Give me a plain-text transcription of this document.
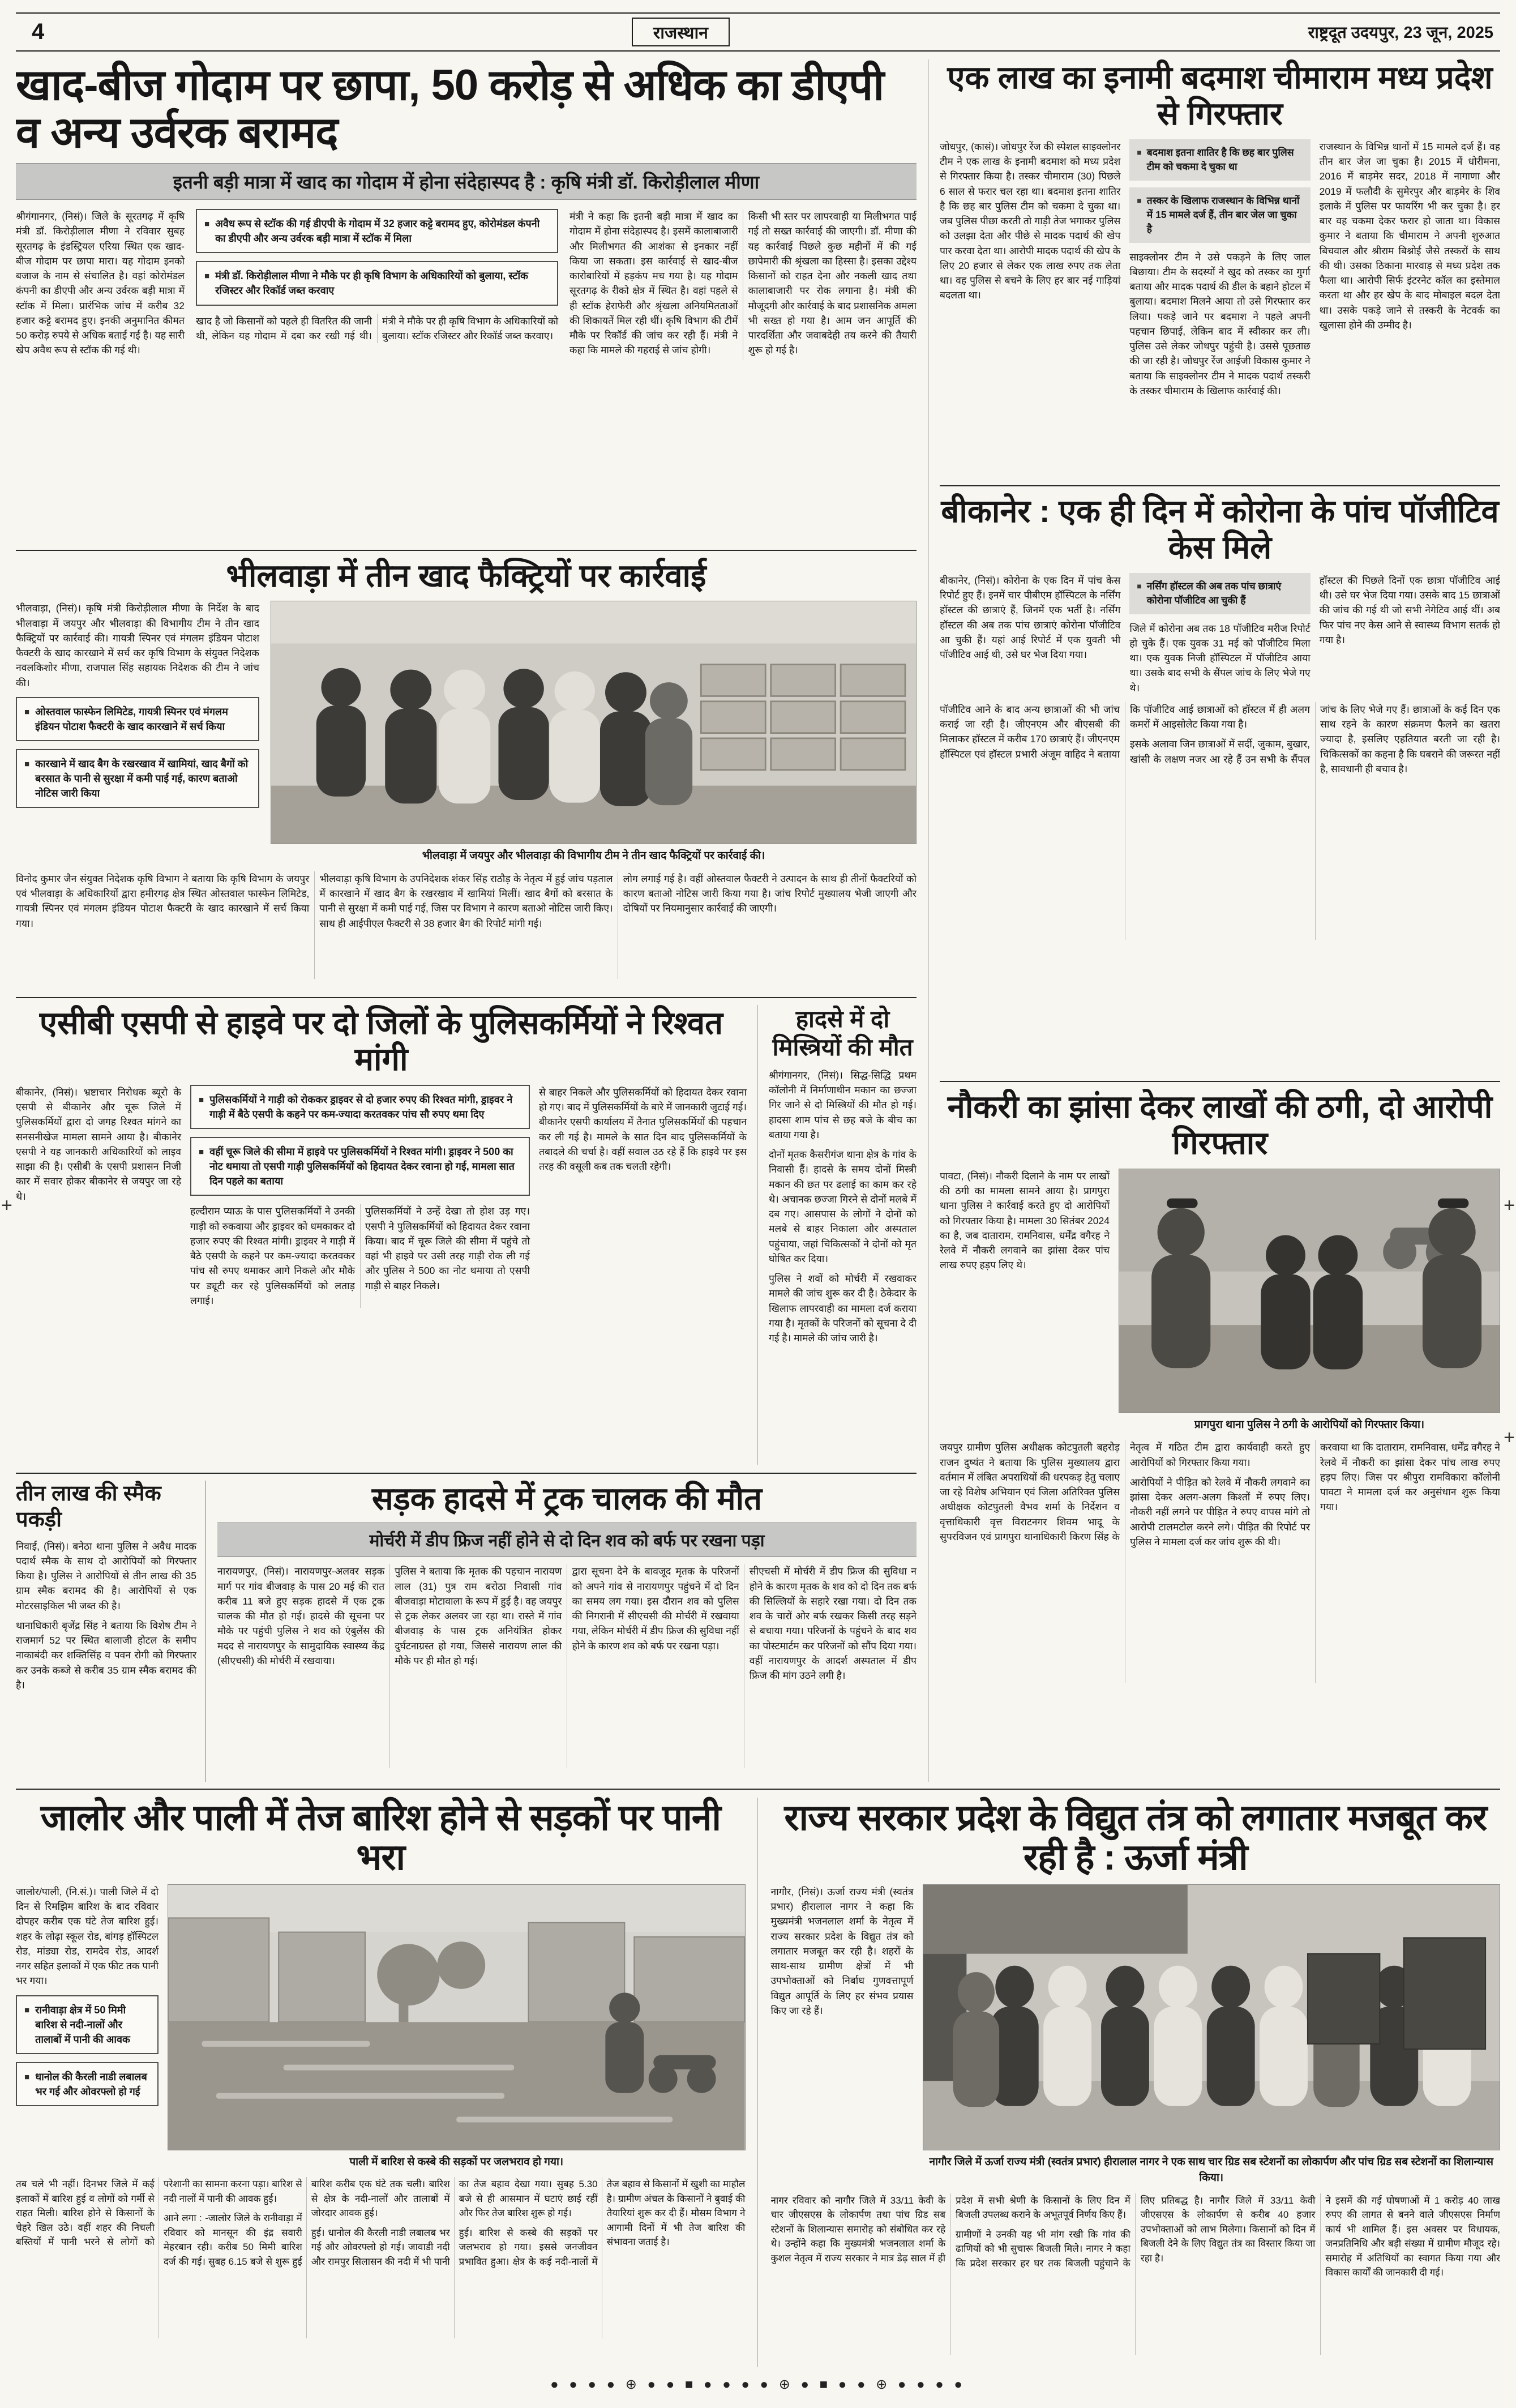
+	+
+
4	राजस्थान	राष्ट्रदूत उदयपुर, 23 जून, 2025
खाद-बीज गोदाम पर छापा, 50 करोड़ से अधिक का डीएपी व अन्य उर्वरक बरामद
इतनी बड़ी मात्रा में खाद का गोदाम में होना संदेहास्पद है : कृषि मंत्री डॉ. किरोड़ीलाल मीणा

श्रीगंगानगर, (निसं)। जिले के सूरतगढ़ में कृषि मंत्री डॉ. किरोड़ीलाल मीणा ने रविवार सुबह सूरतगढ़ के इंडस्ट्रियल एरिया स्थित एक खाद-बीज गोदाम पर छापा मारा। यह गोदाम इनको बजाज के नाम से संचालित है। वहां कोरोमंडल कंपनी का डीएपी और अन्य उर्वरक बड़ी मात्रा में स्टॉक में मिला। प्रारंभिक जांच में करीब 32 हजार कट्टे बरामद हुए। इनकी अनुमानित कीमत 50 करोड़ रुपये से अधिक बताई गई है। यह सारी खेप अवैध रूप से स्टॉक की गई थी।

■ अवैध रूप से स्टॉक की गई डीएपी के गोदाम में 32 हजार कट्टे बरामद हुए, कोरोमंडल कंपनी का डीएपी और अन्य उर्वरक बड़ी मात्रा में स्टॉक में मिला
■ मंत्री डॉ. किरोड़ीलाल मीणा ने मौके पर ही कृषि विभाग के अधिकारियों को बुलाया, स्टॉक रजिस्टर और रिकॉर्ड जब्त करवाए

खाद है जो किसानों को पहले ही वितरित की जानी थी, लेकिन यह गोदाम में दबा कर रखी गई थी। मंत्री ने मौके पर ही कृषि विभाग के अधिकारियों को बुलाया। स्टॉक रजिस्टर और रिकॉर्ड जब्त करवाए।

मंत्री ने कहा कि इतनी बड़ी मात्रा में खाद का गोदाम में होना संदेहास्पद है। इसमें कालाबाजारी और मिलीभगत की आशंका से इनकार नहीं किया जा सकता। इस कार्रवाई से खाद-बीज कारोबारियों में हड़कंप मच गया है। यह गोदाम सूरतगढ़ के रीको क्षेत्र में स्थित है। वहां पहले से ही स्टॉक हेराफेरी और श्रृंखला अनियमितताओं की शिकायतें मिल रही थीं। कृषि विभाग की टीमें मौके पर रिकॉर्ड की जांच कर रही हैं। मंत्री ने कहा कि मामले की गहराई से जांच होगी।

किसी भी स्तर पर लापरवाही या मिलीभगत पाई गई तो सख्त कार्रवाई की जाएगी। डॉ. मीणा की यह कार्रवाई पिछले कुछ महीनों में की गई छापेमारी की श्रृंखला का हिस्सा है। इसका उद्देश्य किसानों को राहत देना और नकली खाद तथा कालाबाजारी पर रोक लगाना है। मंत्री की मौजूदगी और कार्रवाई के बाद प्रशासनिक अमला भी सख्त हो गया है। आम जन आपूर्ति की पारदर्शिता और जवाबदेही तय करने की तैयारी शुरू हो गई है।

भीलवाड़ा में तीन खाद फैक्ट्रियों पर कार्रवाई

भीलवाड़ा, (निसं)। कृषि मंत्री किरोड़ीलाल मीणा के निर्देश के बाद भीलवाड़ा में जयपुर और भीलवाड़ा की विभागीय टीम ने तीन खाद फैक्ट्रियों पर कार्रवाई की। गायत्री स्पिनर एवं मंगलम इंडियन पोटाश फैक्टरी के खाद कारखाने में सर्च कर कृषि विभाग के संयुक्त निदेशक नवलकिशोर मीणा, राजपाल सिंह सहायक निदेशक की टीम ने जांच की।

■ ओस्तवाल फास्फेन लिमिटेड, गायत्री स्पिनर एवं मंगलम इंडियन पोटाश फैक्टरी के खाद कारखाने में सर्च किया
■ कारखाने में खाद बैग के रखरखाव में खामियां, खाद बैगों को बरसात के पानी से सुरक्षा में कमी पाई गई, कारण बताओ नोटिस जारी किया
भीलवाड़ा में जयपुर और भीलवाड़ा की विभागीय टीम ने तीन खाद फैक्ट्रियों पर कार्रवाई की।

विनोद कुमार जैन संयुक्त निदेशक कृषि विभाग ने बताया कि कृषि विभाग के जयपुर एवं भीलवाड़ा के अधिकारियों द्वारा हमीरगढ़ क्षेत्र स्थित ओस्तवाल फास्फेन लिमिटेड, गायत्री स्पिनर एवं मंगलम इंडियन पोटाश फैक्टरी के खाद कारखाने में सर्च किया गया।

भीलवाड़ा कृषि विभाग के उपनिदेशक शंकर सिंह राठौड़ के नेतृत्व में हुई जांच पड़ताल में कारखाने में खाद बैग के रखरखाव में खामियां मिलीं। खाद बैगों को बरसात के पानी से सुरक्षा में कमी पाई गई, जिस पर विभाग ने कारण बताओ नोटिस जारी किए। साथ ही आईपीएल फैक्टरी से 38 हजार बैग की रिपोर्ट मांगी गई।

लोग लगाई गई है। वहीं ओस्तवाल फैक्टरी ने उत्पादन के साथ ही तीनों फैक्टरियों को कारण बताओ नोटिस जारी किया गया है। जांच रिपोर्ट मुख्यालय भेजी जाएगी और दोषियों पर नियमानुसार कार्रवाई की जाएगी।

एसीबी एसपी से हाइवे पर दो जिलों के पुलिसकर्मियों ने रिश्वत मांगी

बीकानेर, (निसं)। भ्रष्टाचार निरोधक ब्यूरो के एसपी से बीकानेर और चूरू जिले में पुलिसकर्मियों द्वारा दो जगह रिश्वत मांगने का सनसनीखेज मामला सामने आया है। बीकानेर एसपी ने यह जानकारी अधिकारियों को लाइव साझा की है। एसीबी के एसपी प्रशासन निजी कार में सवार होकर बीकानेर से जयपुर जा रहे थे।

■ पुलिसकर्मियों ने गाड़ी को रोककर ड्राइवर से दो हजार रुपए की रिश्वत मांगी, ड्राइवर ने गाड़ी में बैठे एसपी के कहने पर कम-ज्यादा करतवकर पांच सौ रुपए थमा दिए
■ वहीं चूरू जिले की सीमा में हाइवे पर पुलिसकर्मियों ने रिश्वत मांगी। ड्राइवर ने 500 का नोट थमाया तो एसपी गाड़ी पुलिसकर्मियों को हिदायत देकर रवाना हो गई, मामला सात दिन पहले का बताया

हल्दीराम प्याऊ के पास पुलिसकर्मियों ने उनकी गाड़ी को रुकवाया और ड्राइवर को धमकाकर दो हजार रुपए की रिश्वत मांगी। ड्राइवर ने गाड़ी में बैठे एसपी के कहने पर कम-ज्यादा करतवकर पांच सौ रुपए थमाकर आगे निकले और मौके पर ड्यूटी कर रहे पुलिसकर्मियों को लताड़ लगाई।

पुलिसकर्मियों ने उन्हें देखा तो होश उड़ गए। एसपी ने पुलिसकर्मियों को हिदायत देकर रवाना किया। बाद में चूरू जिले की सीमा में पहुंचे तो वहां भी हाइवे पर उसी तरह गाड़ी रोक ली गई और पुलिस ने 500 का नोट थमाया तो एसपी गाड़ी से बाहर निकले।

से बाहर निकले और पुलिसकर्मियों को हिदायत देकर रवाना हो गए। बाद में पुलिसकर्मियों के बारे में जानकारी जुटाई गई। बीकानेर एसपी कार्यालय में तैनात पुलिसकर्मियों की पहचान कर ली गई है। मामले के सात दिन बाद पुलिसकर्मियों के तबादले की चर्चा है। वहीं सवाल उठ रहे हैं कि हाइवे पर इस तरह की वसूली कब तक चलती रहेगी।

हादसे में दो मिस्त्रियों की मौत

श्रीगंगानगर, (निसं)। सिद्ध-सिद्धि प्रथम कॉलोनी में निर्माणाधीन मकान का छज्जा गिर जाने से दो मिस्त्रियों की मौत हो गई। हादसा शाम पांच से छह बजे के बीच का बताया गया है।

दोनों मृतक कैसरीगंज थाना क्षेत्र के गांव के निवासी हैं। हादसे के समय दोनों मिस्त्री मकान की छत पर ढलाई का काम कर रहे थे। अचानक छज्जा गिरने से दोनों मलबे में दब गए। आसपास के लोगों ने दोनों को मलबे से बाहर निकाला और अस्पताल पहुंचाया, जहां चिकित्सकों ने दोनों को मृत घोषित कर दिया।

पुलिस ने शवों को मोर्चरी में रखवाकर मामले की जांच शुरू कर दी है। ठेकेदार के खिलाफ लापरवाही का मामला दर्ज कराया गया है। मृतकों के परिजनों को सूचना दे दी गई है। मामले की जांच जारी है।

तीन लाख की स्मैक पकड़ी

निवाई, (निसं)। बनेठा थाना पुलिस ने अवैध मादक पदार्थ स्मैक के साथ दो आरोपियों को गिरफ्तार किया है। पुलिस ने आरोपियों से तीन लाख की 35 ग्राम स्मैक बरामद की है। आरोपियों से एक मोटरसाइकिल भी जब्त की है।

थानाधिकारी बृजेंद्र सिंह ने बताया कि विशेष टीम ने राजमार्ग 52 पर स्थित बालाजी होटल के समीप नाकाबंदी कर शक्तिसिंह व पवन रोगी को गिरफ्तार कर उनके कब्जे से करीब 35 ग्राम स्मैक बरामद की है।

सड़क हादसे में ट्रक चालक की मौत
मोर्चरी में डीप फ्रिज नहीं होने से दो दिन शव को बर्फ पर रखना पड़ा

नारायणपुर, (निसं)। नारायणपुर-अलवर सड़क मार्ग पर गांव बीजवाड़ के पास 20 मई की रात करीब 11 बजे हुए सड़क हादसे में एक ट्रक चालक की मौत हो गई। हादसे की सूचना पर मौके पर पहुंची पुलिस ने शव को एंबुलेंस की मदद से नारायणपुर के सामुदायिक स्वास्थ्य केंद्र (सीएचसी) की मोर्चरी में रखवाया।

पुलिस ने बताया कि मृतक की पहचान नारायण लाल (31) पुत्र राम बरोठा निवासी गांव बीजवाड़ा मोटावाला के रूप में हुई है। वह जयपुर से ट्रक लेकर अलवर जा रहा था। रास्ते में गांव बीजवाड़ के पास ट्रक अनियंत्रित होकर दुर्घटनाग्रस्त हो गया, जिससे नारायण लाल की मौके पर ही मौत हो गई।

द्वारा सूचना देने के बावजूद मृतक के परिजनों को अपने गांव से नारायणपुर पहुंचने में दो दिन का समय लग गया। इस दौरान शव को पुलिस की निगरानी में सीएचसी की मोर्चरी में रखवाया गया, लेकिन मोर्चरी में डीप फ्रिज की सुविधा नहीं होने के कारण शव को बर्फ पर रखना पड़ा।

सीएचसी में मोर्चरी में डीप फ्रिज की सुविधा न होने के कारण मृतक के शव को दो दिन तक बर्फ की सिल्लियों के सहारे रखा गया। दो दिन तक शव के चारों ओर बर्फ रखकर किसी तरह सड़ने से बचाया गया। परिजनों के पहुंचने के बाद शव का पोस्टमार्टम कर परिजनों को सौंप दिया गया। वहीं नारायणपुर के आदर्श अस्पताल में डीप फ्रिज की मांग उठने लगी है।

एक लाख का इनामी बदमाश चीमाराम मध्य प्रदेश से गिरफ्तार

जोधपुर, (कासं)। जोधपुर रेंज की स्पेशल साइक्लोनर टीम ने एक लाख के इनामी बदमाश को मध्य प्रदेश से गिरफ्तार किया है। तस्कर चीमाराम (30) पिछले 6 साल से फरार चल रहा था। बदमाश इतना शातिर है कि छह बार पुलिस टीम को चकमा दे चुका था। जब पुलिस पीछा करती तो गाड़ी तेज भगाकर पुलिस को उलझा देता और पीछे से मादक पदार्थ की खेप पार करवा देता था। आरोपी मादक पदार्थ की खेप के लिए 20 हजार से लेकर एक लाख रुपए तक लेता था। वह पुलिस से बचने के लिए हर बार नई गाड़ियां बदलता था।

■ बदमाश इतना शातिर है कि छह बार पुलिस टीम को चकमा दे चुका था
■ तस्कर के खिलाफ राजस्थान के विभिन्न थानों में 15 मामले दर्ज हैं, तीन बार जेल जा चुका है

साइक्लोनर टीम ने उसे पकड़ने के लिए जाल बिछाया। टीम के सदस्यों ने खुद को तस्कर का गुर्गा बताया और मादक पदार्थ की डील के बहाने होटल में बुलाया। बदमाश मिलने आया तो उसे गिरफ्तार कर लिया। पकड़े जाने पर बदमाश ने पहले अपनी पहचान छिपाई, लेकिन बाद में स्वीकार कर ली। पुलिस उसे लेकर जोधपुर पहुंची है। उससे पूछताछ की जा रही है। जोधपुर रेंज आईजी विकास कुमार ने बताया कि साइक्लोनर टीम ने मादक पदार्थ तस्करी के तस्कर चीमाराम के खिलाफ कार्रवाई की।

राजस्थान के विभिन्न थानों में 15 मामले दर्ज हैं। वह तीन बार जेल जा चुका है। 2015 में धोरीमना, 2016 में बाड़मेर सदर, 2018 में नागाणा और 2019 में फलौदी के सुमेरपुर और बाड़मेर के शिव इलाके में पुलिस पर फायरिंग भी कर चुका है। हर बार वह चकमा देकर फरार हो जाता था। विकास कुमार ने बताया कि चीमाराम ने अपनी शुरुआत बिचवाल और श्रीराम बिश्नोई जैसे तस्करों के साथ की थी। उसका ठिकाना मारवाड़ से मध्य प्रदेश तक फैला था। आरोपी सिर्फ इंटरनेट कॉल का इस्तेमाल करता था और हर खेप के बाद मोबाइल बदल देता था। उसके पकड़े जाने से तस्करी के नेटवर्क का खुलासा होने की उम्मीद है।

बीकानेर : एक ही दिन में कोरोना के पांच पॉजीटिव केस मिले

बीकानेर, (निसं)। कोरोना के एक दिन में पांच केस रिपोर्ट हुए हैं। इनमें चार पीबीएम हॉस्पिटल के नर्सिंग हॉस्टल की छात्राएं हैं, जिनमें एक भर्ती है। नर्सिंग हॉस्टल की अब तक पांच छात्राएं कोरोना पॉजीटिव आ चुकी हैं। यहां आई रिपोर्ट में एक युवती भी पॉजीटिव आई थी, उसे घर भेज दिया गया।

■ नर्सिंग हॉस्टल की अब तक पांच छात्राएं कोरोना पॉजीटिव आ चुकी हैं

जिले में कोरोना अब तक 18 पॉजीटिव मरीज रिपोर्ट हो चुके हैं। एक युवक 31 मई को पॉजीटिव मिला था। एक युवक निजी हॉस्पिटल में पॉजीटिव आया था। उसके बाद सभी के सैंपल जांच के लिए भेजे गए थे।

हॉस्टल की पिछले दिनों एक छात्रा पॉजीटिव आई थी। उसे घर भेज दिया गया। उसके बाद 15 छात्राओं की जांच की गई थी जो सभी नेगेटिव आई थीं। अब फिर पांच नए केस आने से स्वास्थ्य विभाग सतर्क हो गया है।

पॉजीटिव आने के बाद अन्य छात्राओं की भी जांच कराई जा रही है। जीएनएम और बीएसबी की मिलाकर हॉस्टल में करीब 170 छात्राएं हैं। जीएनएम हॉस्पिटल एवं हॉस्टल प्रभारी अंजूम वाहिद ने बताया कि पॉजीटिव आई छात्राओं को हॉस्टल में ही अलग कमरों में आइसोलेट किया गया है।

इसके अलावा जिन छात्राओं में सर्दी, जुकाम, बुखार, खांसी के लक्षण नजर आ रहे हैं उन सभी के सैंपल जांच के लिए भेजे गए हैं। छात्राओं के कई दिन एक साथ रहने के कारण संक्रमण फैलने का खतरा ज्यादा है, इसलिए एहतियात बरती जा रही है। चिकित्सकों का कहना है कि घबराने की जरूरत नहीं है, सावधानी ही बचाव है।

नौकरी का झांसा देकर लाखों की ठगी, दो आरोपी गिरफ्तार

पावटा, (निसं)। नौकरी दिलाने के नाम पर लाखों की ठगी का मामला सामने आया है। प्रागपुरा थाना पुलिस ने कार्रवाई करते हुए दो आरोपियों को गिरफ्तार किया है। मामला 30 सितंबर 2024 का है, जब दाताराम, रामनिवास, धर्मेंद्र वगैरह ने रेलवे में नौकरी लगवाने का झांसा देकर पांच लाख रुपए हड़प लिए थे।

प्रागपुरा थाना पुलिस ने ठगी के आरोपियों को गिरफ्तार किया।

जयपुर ग्रामीण पुलिस अधीक्षक कोटपुतली बहरोड़ राजन दुष्यंत ने बताया कि पुलिस मुख्यालय द्वारा वर्तमान में लंबित अपराधियों की धरपकड़ हेतु चलाए जा रहे विशेष अभियान एवं जिला अतिरिक्त पुलिस अधीक्षक कोटपुतली वैभव शर्मा के निर्देशन व वृत्ताधिकारी वृत्त विराटनगर शिवम भादू के सुपरविजन एवं प्रागपुरा थानाधिकारी किरण सिंह के नेतृत्व में गठित टीम द्वारा कार्यवाही करते हुए आरोपियों को गिरफ्तार किया गया।

आरोपियों ने पीड़ित को रेलवे में नौकरी लगवाने का झांसा देकर अलग-अलग किश्तों में रुपए लिए। नौकरी नहीं लगने पर पीड़ित ने रुपए वापस मांगे तो आरोपी टालमटोल करने लगे। पीड़ित की रिपोर्ट पर पुलिस ने मामला दर्ज कर जांच शुरू की थी।

करवाया था कि दाताराम, रामनिवास, धर्मेंद्र वगैरह ने रेलवे में नौकरी का झांसा देकर पांच लाख रुपए हड़प लिए। जिस पर श्रीपुरा रामविकारा कॉलोनी पावटा ने मामला दर्ज कर अनुसंधान शुरू किया गया।

जालोर और पाली में तेज बारिश होने से सड़कों पर पानी भरा

जालोर/पाली, (नि.सं.)। पाली जिले में दो दिन से रिमझिम बारिश के बाद रविवार दोपहर करीब एक घंटे तेज बारिश हुई। शहर के लोढ़ा स्कूल रोड, बांगड़ हॉस्पिटल रोड, मांड्या रोड, रामदेव रोड, आदर्श नगर सहित इलाकों में एक फीट तक पानी भर गया।

■ रानीवाड़ा क्षेत्र में 50 मिमी बारिश से नदी-नालों और तालाबों में पानी की आवक
■ धानोल की कैरली नाडी लबालब भर गई और ओवरफ्लो हो गई
पाली में बारिश से कस्बे की सड़कों पर जलभराव हो गया।

तब चले भी नहीं। दिनभर जिले में कई इलाकों में बारिश हुई व लोगों को गर्मी से राहत मिली। बारिश होने से किसानों के चेहरे खिल उठे। वहीं शहर की निचली बस्तियों में पानी भरने से लोगों को परेशानी का सामना करना पड़ा। बारिश से नदी नालों में पानी की आवक हुई।

आने लगा : -जालोर जिले के रानीवाड़ा में रविवार को मानसून की इंद्र सवारी मेहरबान रही। करीब 50 मिमी बारिश दर्ज की गई। सुबह 6.15 बजे से शुरू हुई बारिश करीब एक घंटे तक चली। बारिश से क्षेत्र के नदी-नालों और तालाबों में जोरदार आवक हुई।

हुई। धानोल की कैरली नाडी लबालब भर गई और ओवरफ्लो हो गई। जावाडी नदी और रामपुर सिलासन की नदी में भी पानी का तेज बहाव देखा गया। सुबह 5.30 बजे से ही आसमान में घटाएं छाई रहीं और फिर तेज बारिश शुरू हो गई।

हुई। बारिश से कस्बे की सड़कों पर जलभराव हो गया। इससे जनजीवन प्रभावित हुआ। क्षेत्र के कई नदी-नालों में तेज बहाव से किसानों में खुशी का माहौल है। ग्रामीण अंचल के किसानों ने बुवाई की तैयारियां शुरू कर दी हैं। मौसम विभाग ने आगामी दिनों में भी तेज बारिश की संभावना जताई है।

राज्य सरकार प्रदेश के विद्युत तंत्र को लगातार मजबूत कर रही है : ऊर्जा मंत्री

नागौर, (निसं)। ऊर्जा राज्य मंत्री (स्वतंत्र प्रभार) हीरालाल नागर ने कहा कि मुख्यमंत्री भजनलाल शर्मा के नेतृत्व में राज्य सरकार प्रदेश के विद्युत तंत्र को लगातार मजबूत कर रही है। शहरों के साथ-साथ ग्रामीण क्षेत्रों में भी उपभोक्ताओं को निर्बाध गुणवत्तापूर्ण विद्युत आपूर्ति के लिए हर संभव प्रयास किए जा रहे हैं।

नागौर जिले में ऊर्जा राज्य मंत्री (स्वतंत्र प्रभार) हीरालाल नागर ने एक साथ चार ग्रिड सब स्टेशनों का लोकार्पण और पांच ग्रिड सब स्टेशनों का शिलान्यास किया।

नागर रविवार को नागौर जिले में 33/11 केवी के चार जीएसएस के लोकार्पण तथा पांच ग्रिड सब स्टेशनों के शिलान्यास समारोह को संबोधित कर रहे थे। उन्होंने कहा कि मुख्यमंत्री भजनलाल शर्मा के कुशल नेतृत्व में राज्य सरकार ने मात्र डेढ़ साल में ही प्रदेश में सभी श्रेणी के किसानों के लिए दिन में बिजली उपलब्ध कराने के अभूतपूर्व निर्णय किए हैं।

ग्रामीणों ने उनकी यह भी मांग रखी कि गांव की ढाणियों को भी सुचारू बिजली मिले। नागर ने कहा कि प्रदेश सरकार हर घर तक बिजली पहुंचाने के लिए प्रतिबद्ध है। नागौर जिले में 33/11 केवी जीएसएस के लोकार्पण से करीब 40 हजार उपभोक्ताओं को लाभ मिलेगा। किसानों को दिन में बिजली देने के लिए विद्युत तंत्र का विस्तार किया जा रहा है।

ने इसमें की गई घोषणाओं में 1 करोड़ 40 लाख रुपए की लागत से बनने वाले जीएसएस निर्माण कार्य भी शामिल हैं। इस अवसर पर विधायक, जनप्रतिनिधि और बड़ी संख्या में ग्रामीण मौजूद रहे। समारोह में अतिथियों का स्वागत किया गया और विकास कार्यों की जानकारी दी गई।

● ● ● ● ⊕ ● ● ■ ● ● ● ● ⊕ ● ■ ● ● ⊕ ● ● ● ●
